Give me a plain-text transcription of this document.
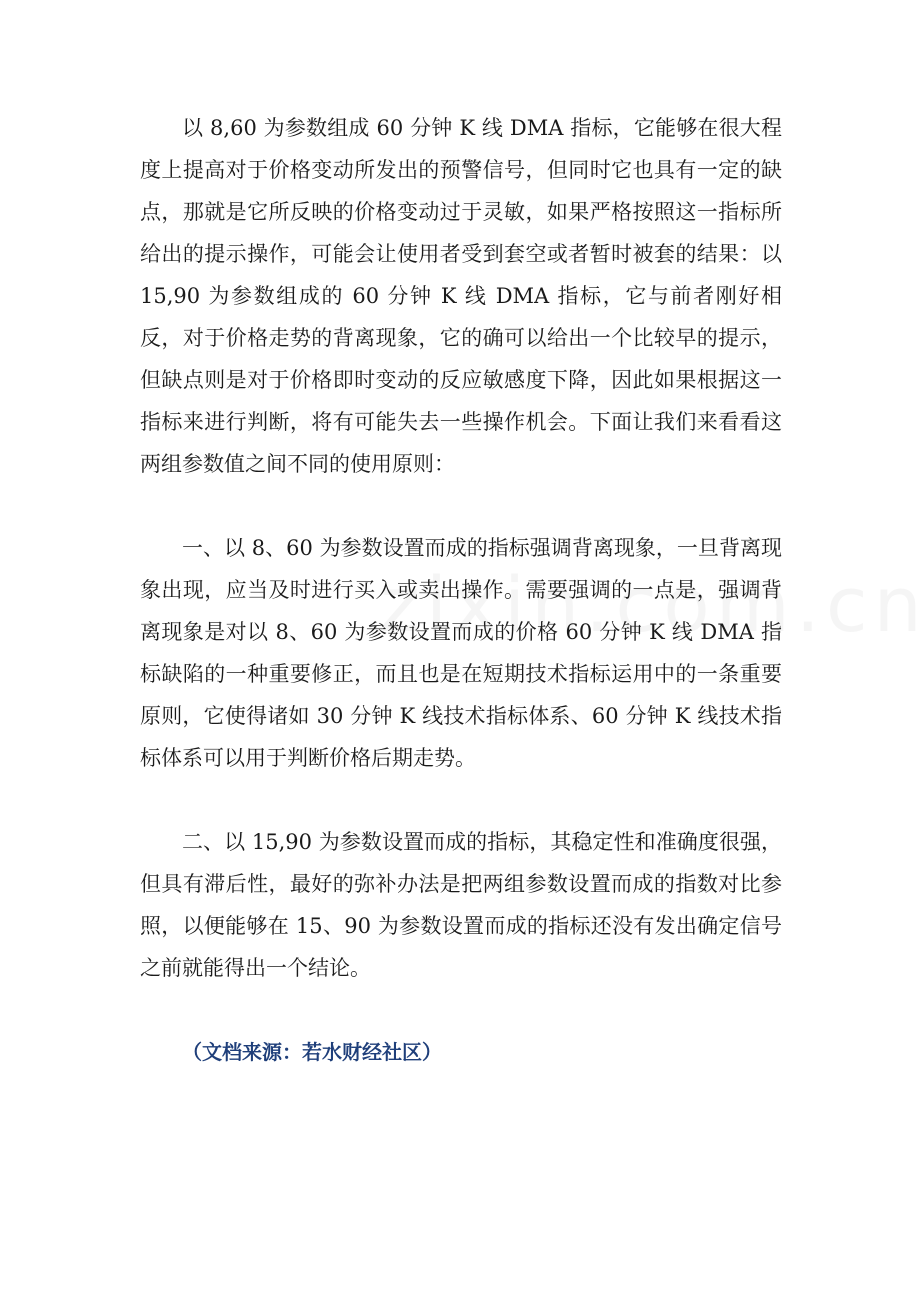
以 8,60 为参数组成 60 分钟 K 线 DMA 指标，它能够在很大程度上提高对于价格变动所发出的预警信号，但同时它也具有一定的缺点，那就是它所反映的价格变动过于灵敏，如果严格按照这一指标所给出的提示操作，可能会让使用者受到套空或者暂时被套的结果：以 15,90 为参数组成的 60 分钟 K 线 DMA 指标，它与前者刚好相反，对于价格走势的背离现象，它的确可以给出一个比较早的提示，但缺点则是对于价格即时变动的反应敏感度下降，因此如果根据这一指标来进行判断，将有可能失去一些操作机会。下面让我们来看看这两组参数值之间不同的使用原则：

一、以 8、60 为参数设置而成的指标强调背离现象，一旦背离现象出现，应当及时进行买入或卖出操作。需要强调的一点是，强调背离现象是对以 8、60 为参数设置而成的价格 60 分钟 K 线 DMA 指标缺陷的一种重要修正，而且也是在短期技术指标运用中的一条重要原则，它使得诸如 30 分钟 K 线技术指标体系、60 分钟 K 线技术指标体系可以用于判断价格后期走势。

二、以 15,90 为参数设置而成的指标，其稳定性和准确度很强，但具有滞后性，最好的弥补办法是把两组参数设置而成的指数对比参照，以便能够在 15、90 为参数设置而成的指标还没有发出确定信号之前就能得出一个结论。

（文档来源：若水财经社区）
